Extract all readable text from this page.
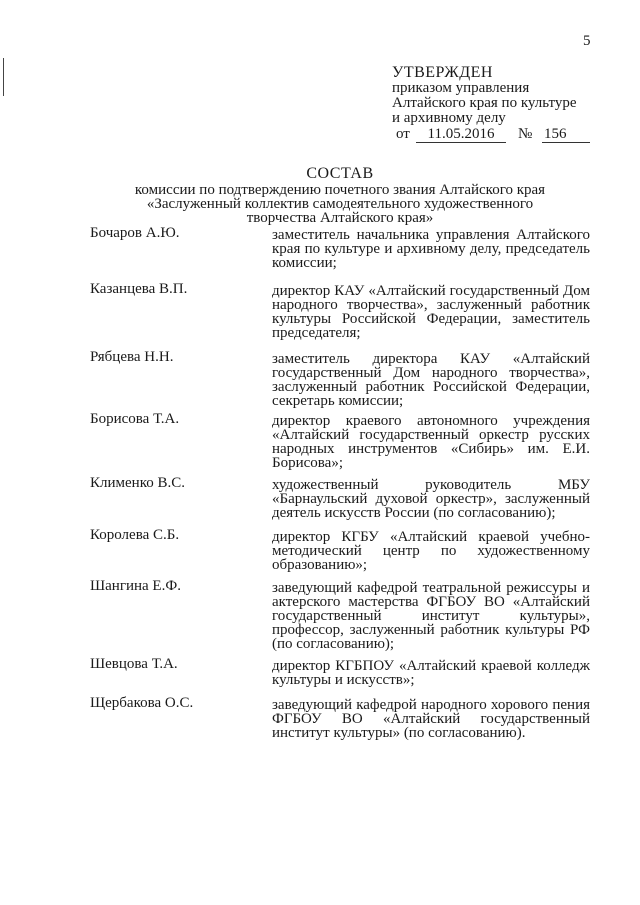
5
УТВЕРЖДЕН
приказом управления
Алтайского края по культуре
и архивному делу
от	11.05.2016	№ 156
СОСТАВ
комиссии по подтверждению почетного звания Алтайского края
«Заслуженный коллектив самодеятельного художественного
творчества Алтайского края»
Бочаров А.Ю.	заместитель начальника управления Алтайского края по культуре и архивному делу, председатель комиссии;
Казанцева В.П.	директор КАУ «Алтайский государственный Дом народного творчества», заслуженный работник культуры Российской Федерации, заместитель председателя;
Рябцева Н.Н.	заместитель директора КАУ «Алтайский государственный Дом народного творчества», заслуженный работник Российской Федерации, секретарь комиссии;
Борисова Т.А.	директор краевого автономного учреждения «Алтайский государственный оркестр русских народных инструментов «Сибирь» им. Е.И. Борисова»;
Клименко В.С.	художественный руководитель МБУ «Барнаульский духовой оркестр», заслуженный деятель искусств России (по согласованию);
Королева С.Б.	директор КГБУ «Алтайский краевой учебно-методический центр по художественному образованию»;
Шангина Е.Ф.	заведующий кафедрой театральной режиссуры и актерского мастерства ФГБОУ ВО «Алтайский государственный институт культуры», профессор, заслуженный работник культуры РФ (по согласованию);
Шевцова Т.А.	директор КГБПОУ «Алтайский краевой колледж культуры и искусств»;
Щербакова О.С.	заведующий кафедрой народного хорового пения ФГБОУ ВО «Алтайский государственный институт культуры» (по согласованию).
